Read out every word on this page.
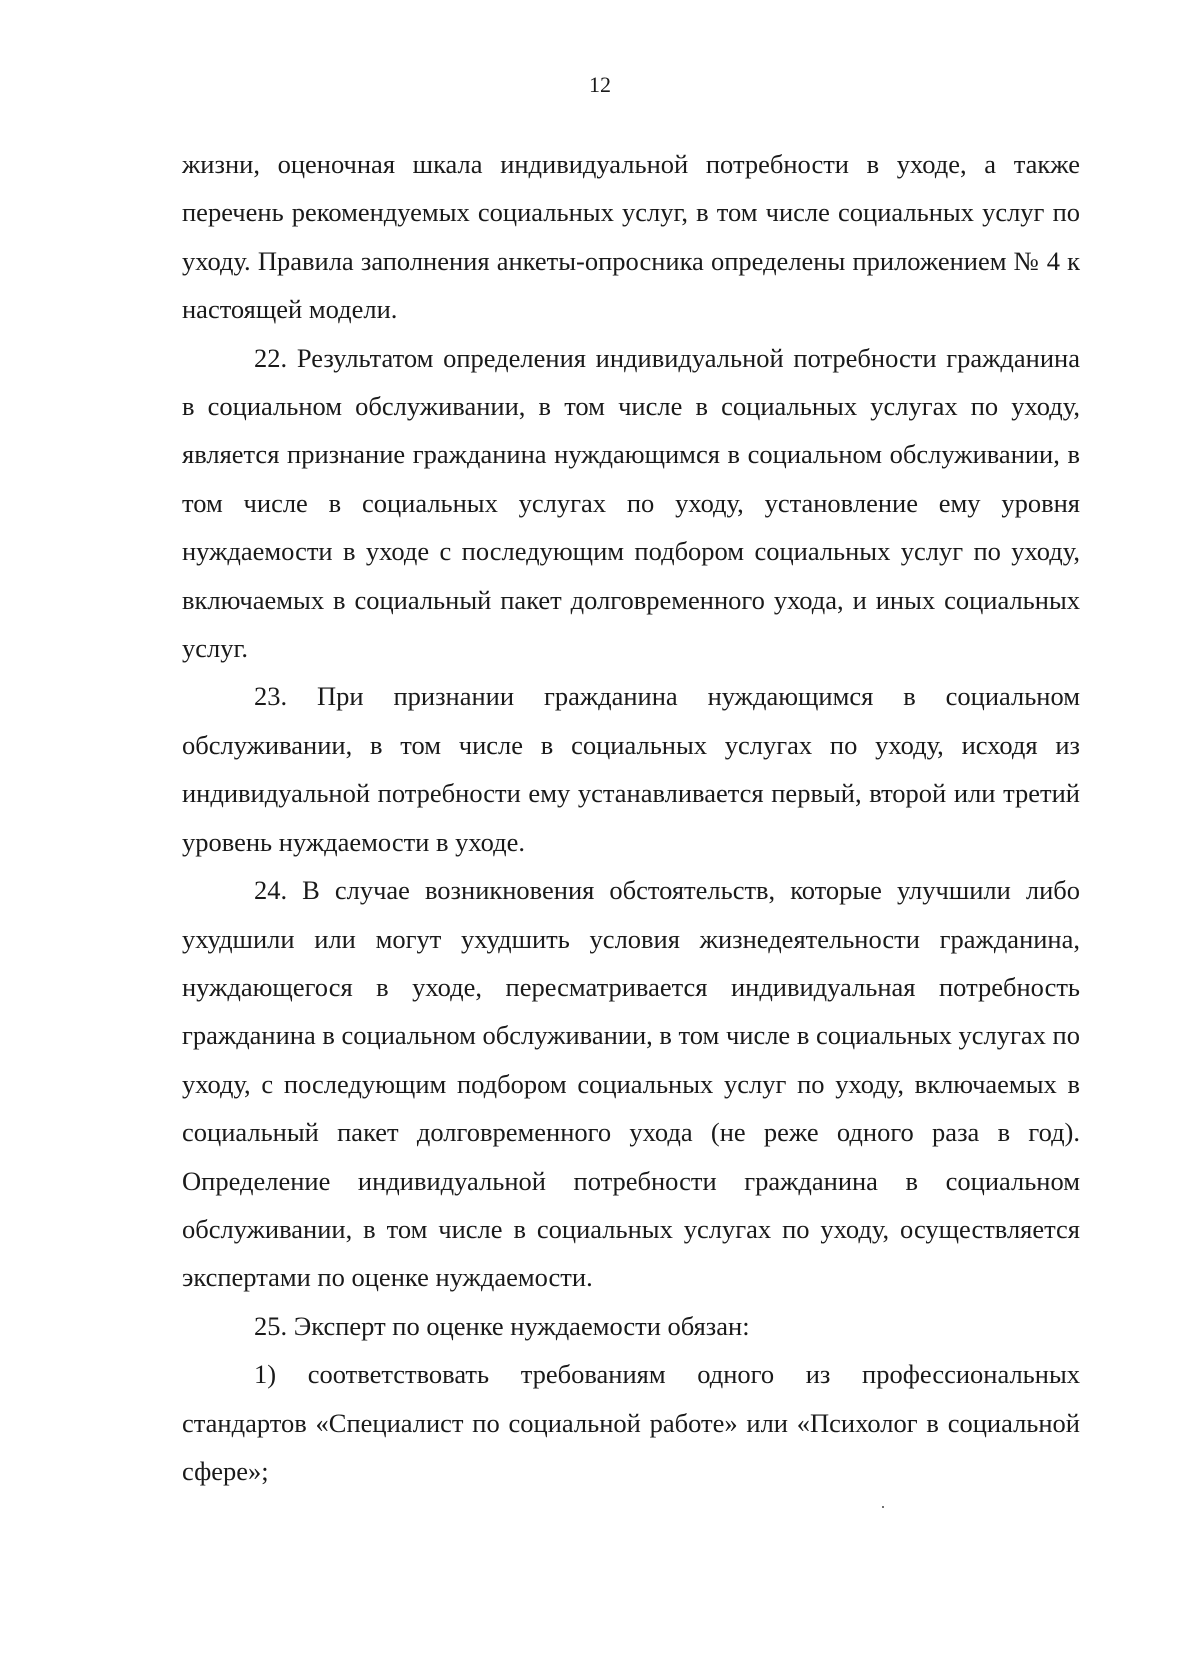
12

жизни, оценочная шкала индивидуальной потребности в уходе, а также перечень рекомендуемых социальных услуг, в том числе социальных услуг по уходу. Правила заполнения анкеты-опросника определены приложением № 4 к настоящей модели.

22. Результатом определения индивидуальной потребности гражданина в социальном обслуживании, в том числе в социальных услугах по уходу, является признание гражданина нуждающимся в социальном обслуживании, в том числе в социальных услугах по уходу, установление ему уровня нуждаемости в уходе с последующим подбором социальных услуг по уходу, включаемых в социальный пакет долговременного ухода, и иных социальных услуг.

23. При признании гражданина нуждающимся в социальном обслуживании, в том числе в социальных услугах по уходу, исходя из индивидуальной потребности ему устанавливается первый, второй или третий уровень нуждаемости в уходе.

24. В случае возникновения обстоятельств, которые улучшили либо ухудшили или могут ухудшить условия жизнедеятельности гражданина, нуждающегося в уходе, пересматривается индивидуальная потребность гражданина в социальном обслуживании, в том числе в социальных услугах по уходу, с последующим подбором социальных услуг по уходу, включаемых в социальный пакет долговременного ухода (не реже одного раза в год). Определение индивидуальной потребности гражданина в социальном обслуживании, в том числе в социальных услугах по уходу, осуществляется экспертами по оценке нуждаемости.

25. Эксперт по оценке нуждаемости обязан:

1) соответствовать требованиям одного из профессиональных стандартов «Специалист по социальной работе» или «Психолог в социальной сфере»;
